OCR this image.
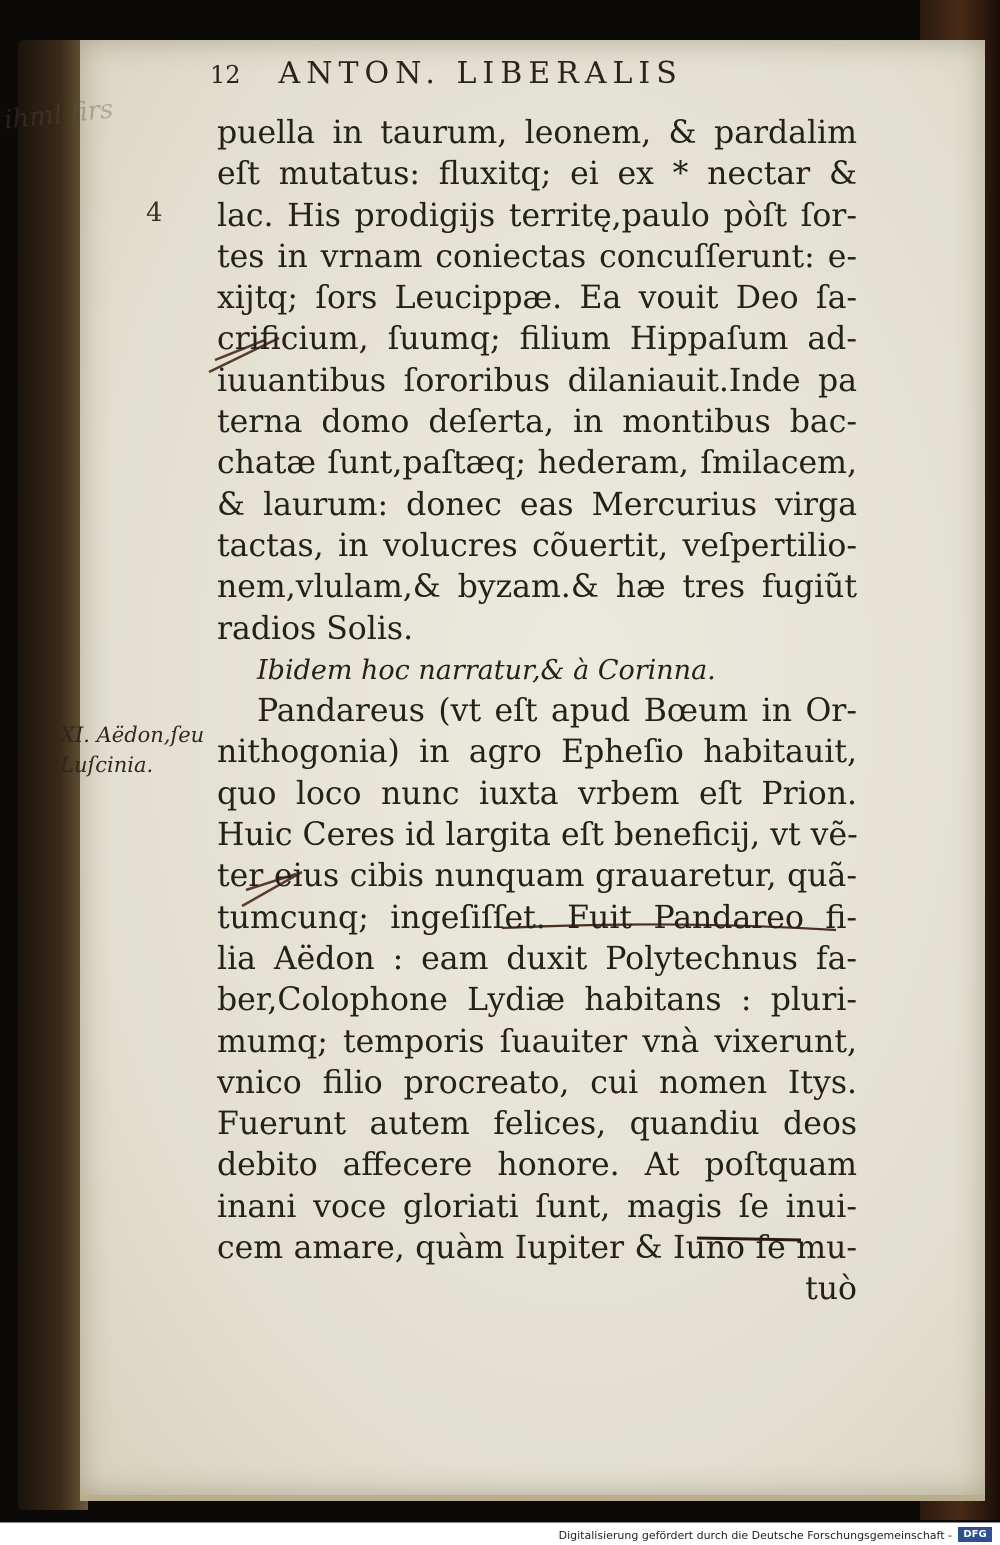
ihml firs
12 ANTON. LIBERALIS
4
XI. Aëdon,ſeu
Luſcinia.
puella in taurum, leonem, & pardalim
eſt mutatus: fluxitq; ei ex * nectar &
lac. His prodigijs territę,paulo pòſt ſor-
tes in vrnam coniectas concuſſerunt: e-
xijtq; ſors Leucippæ. Ea vouit Deo ſa-
crificium, ſuumq; filium Hippaſum ad-
iuuantibus ſororibus dilaniauit.Inde pa
terna domo deſerta, in montibus bac-
chatæ ſunt,paſtæq; hederam, ſmilacem,
& laurum: donec eas Mercurius virga
tactas, in volucres cõuertit, veſpertilio-
nem,vlulam,& byzam.& hæ tres fugiũt
radios Solis.
Ibidem hoc narratur,& à Corinna.
Pandareus (vt eſt apud Bœum in Or-
nithogonia) in agro Epheſio habitauit,
quo loco nunc iuxta vrbem eſt Prion.
Huic Ceres id largita eſt beneficij, vt vẽ-
ter eius cibis nunquam grauaretur, quã-
tumcunq; ingeſiſſet. Fuit Pandareo fi-
lia Aëdon : eam duxit Polytechnus fa-
ber,Colophone Lydiæ habitans : pluri-
mumq; temporis ſuauiter vnà vixerunt,
vnico filio procreato, cui nomen Itys.
Fuerunt autem felices, quandiu deos
debito affecere honore. At poſtquam
inani voce gloriati ſunt, magis ſe inui-
cem amare, quàm Iupiter & Iuno ſe mu-
tuò
Digitalisierung gefördert durch die Deutsche Forschungsgemeinschaft -	DFG
